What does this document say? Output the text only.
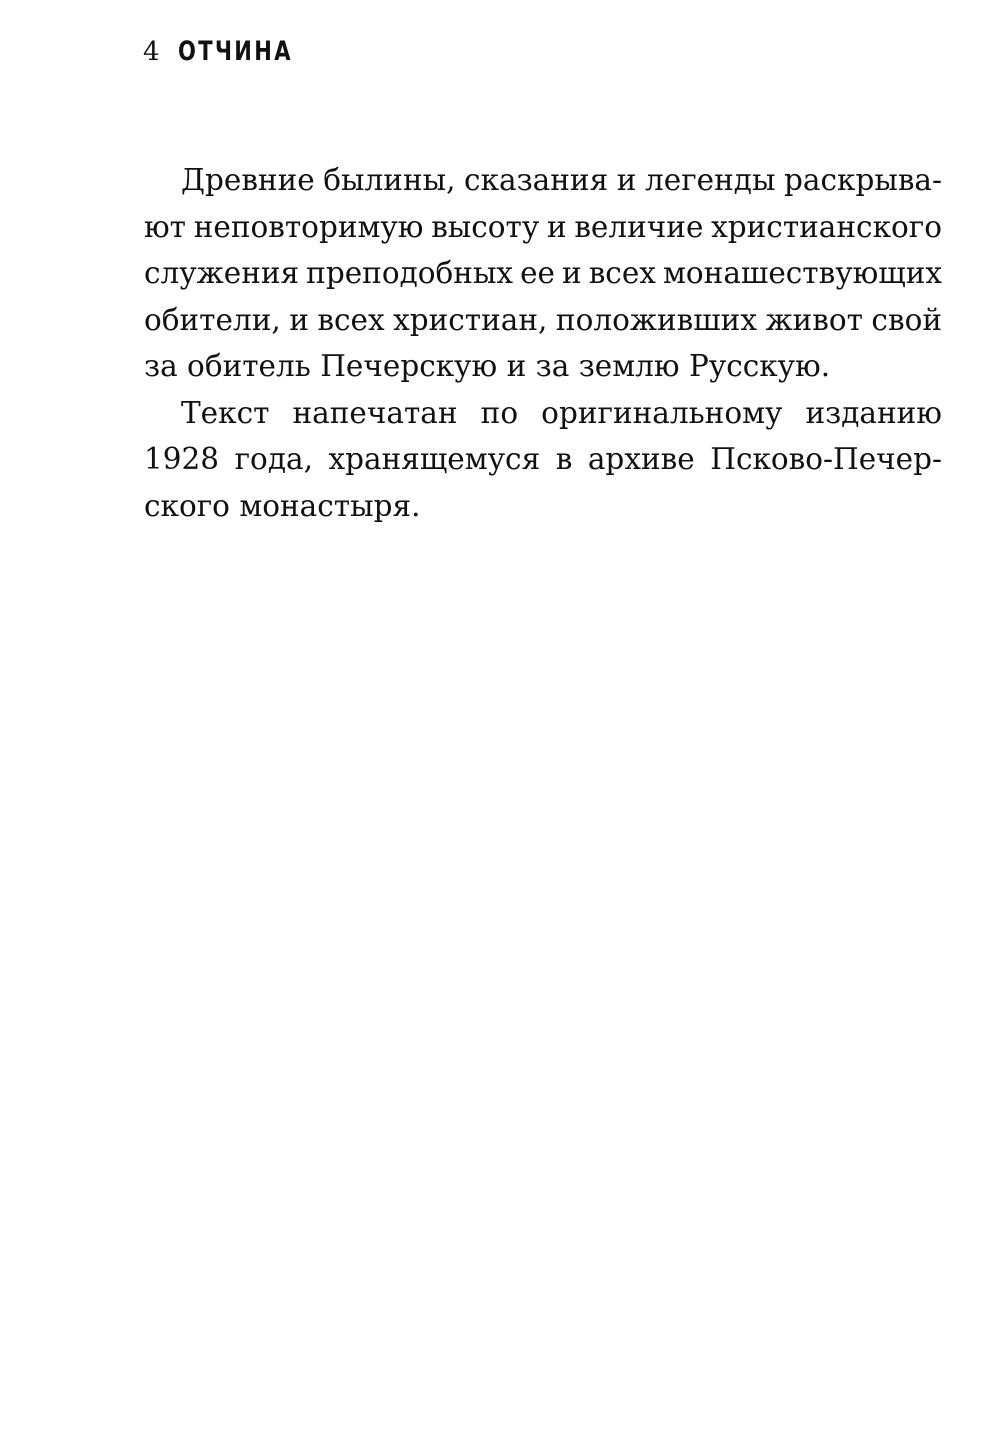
4 ОТЧИНА

Древние былины, сказания и легенды раскрыва-
ют неповторимую высоту и величие христианского
служения преподобных ее и всех монашествующих
обители, и всех христиан, положивших живот свой
за обитель Печерскую и за землю Русскую.

Текст напечатан по оригинальному изданию
1928 года, хранящемуся в архиве Псково-Печер-
ского монастыря.
